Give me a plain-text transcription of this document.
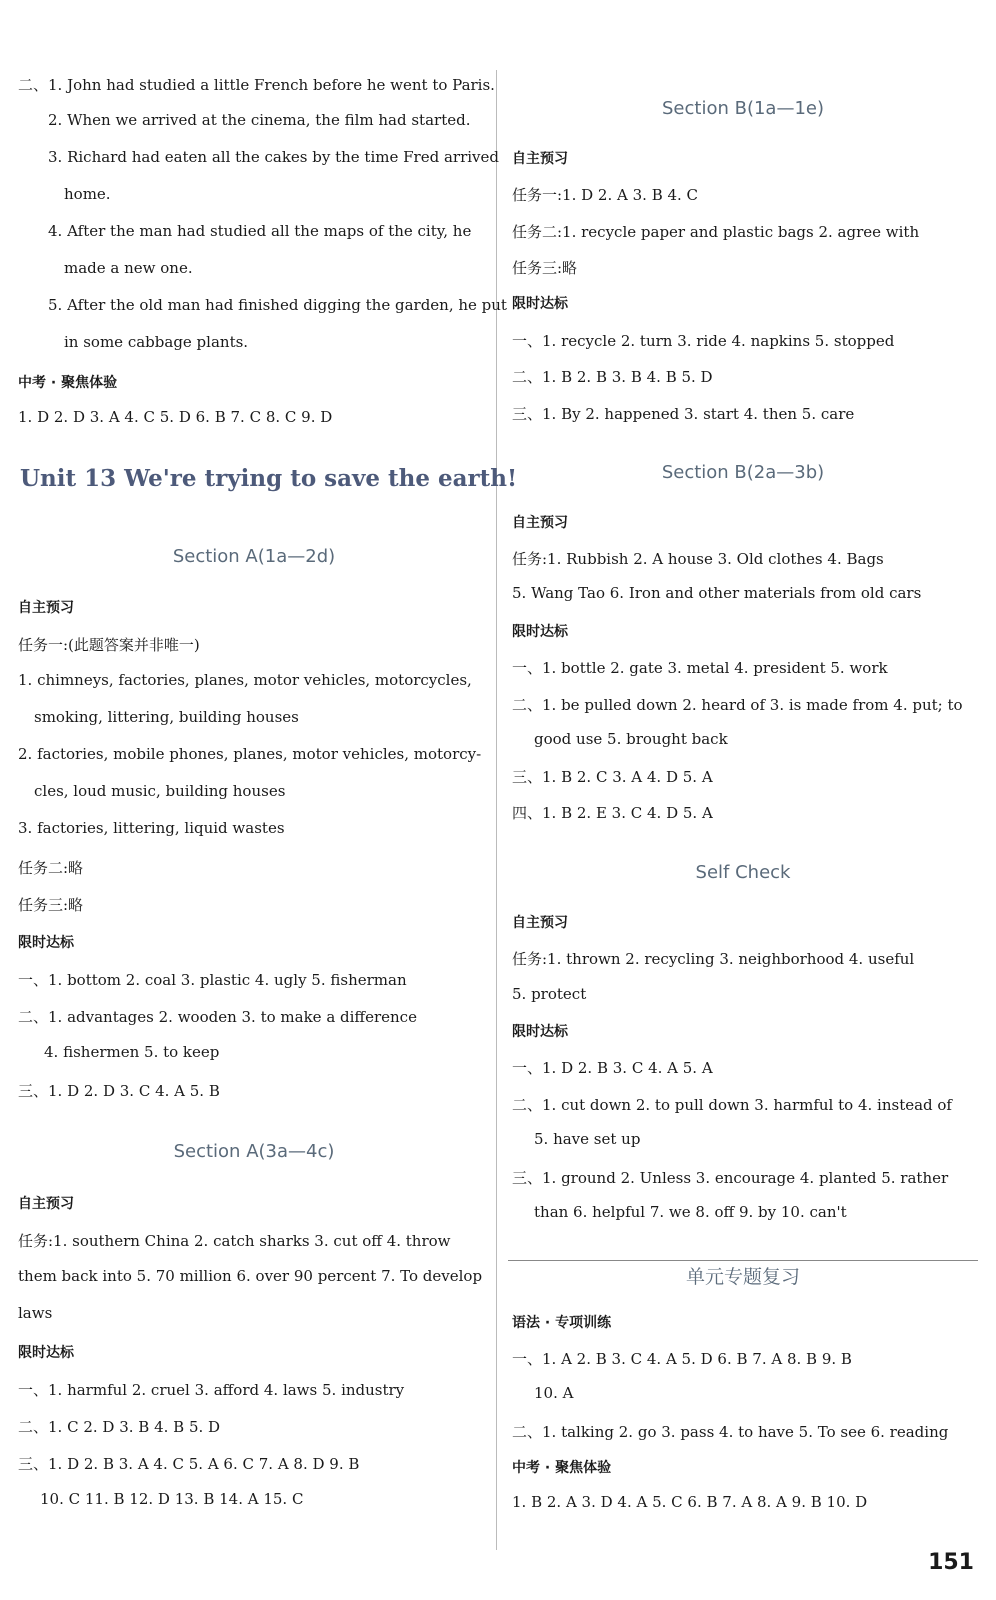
二、1. John had studied a little French before he went to Paris.
2. When we arrived at the cinema, the film had started.
3. Richard had eaten all the cakes by the time Fred arrived
home.
4. After the man had studied all the maps of the city, he
made a new one.
5. After the old man had finished digging the garden, he put
in some cabbage plants.
中考 · 聚焦体验
1. D 2. D 3. A 4. C 5. D 6. B 7. C 8. C 9. D
Unit 13 We're trying to save the earth!
Section A(1a—2d)
自主预习
任务一:(此题答案并非唯一)
1. chimneys, factories, planes, motor vehicles, motorcycles,
smoking, littering, building houses
2. factories, mobile phones, planes, motor vehicles, motorcy-
cles, loud music, building houses
3. factories, littering, liquid wastes
任务二:略
任务三:略
限时达标
一、1. bottom 2. coal 3. plastic 4. ugly 5. fisherman
二、1. advantages 2. wooden 3. to make a difference
4. fishermen 5. to keep
三、1. D 2. D 3. C 4. A 5. B
Section A(3a—4c)
自主预习
任务:1. southern China 2. catch sharks 3. cut off 4. throw
them back into 5. 70 million 6. over 90 percent 7. To develop
laws
限时达标
一、1. harmful 2. cruel 3. afford 4. laws 5. industry
二、1. C 2. D 3. B 4. B 5. D
三、1. D 2. B 3. A 4. C 5. A 6. C 7. A 8. D 9. B
10. C 11. B 12. D 13. B 14. A 15. C
Section B(1a—1e)
自主预习
任务一:1. D 2. A 3. B 4. C
任务二:1. recycle paper and plastic bags 2. agree with
任务三:略
限时达标
一、1. recycle 2. turn 3. ride 4. napkins 5. stopped
二、1. B 2. B 3. B 4. B 5. D
三、1. By 2. happened 3. start 4. then 5. care
Section B(2a—3b)
自主预习
任务:1. Rubbish 2. A house 3. Old clothes 4. Bags
5. Wang Tao 6. Iron and other materials from old cars
限时达标
一、1. bottle 2. gate 3. metal 4. president 5. work
二、1. be pulled down 2. heard of 3. is made from 4. put; to
good use 5. brought back
三、1. B 2. C 3. A 4. D 5. A
四、1. B 2. E 3. C 4. D 5. A
Self Check
自主预习
任务:1. thrown 2. recycling 3. neighborhood 4. useful
5. protect
限时达标
一、1. D 2. B 3. C 4. A 5. A
二、1. cut down 2. to pull down 3. harmful to 4. instead of
5. have set up
三、1. ground 2. Unless 3. encourage 4. planted 5. rather
than 6. helpful 7. we 8. off 9. by 10. can't
单元专题复习
语法 · 专项训练
一、1. A 2. B 3. C 4. A 5. D 6. B 7. A 8. B 9. B
10. A
二、1. talking 2. go 3. pass 4. to have 5. To see 6. reading
中考 · 聚焦体验
1. B 2. A 3. D 4. A 5. C 6. B 7. A 8. A 9. B 10. D
151
